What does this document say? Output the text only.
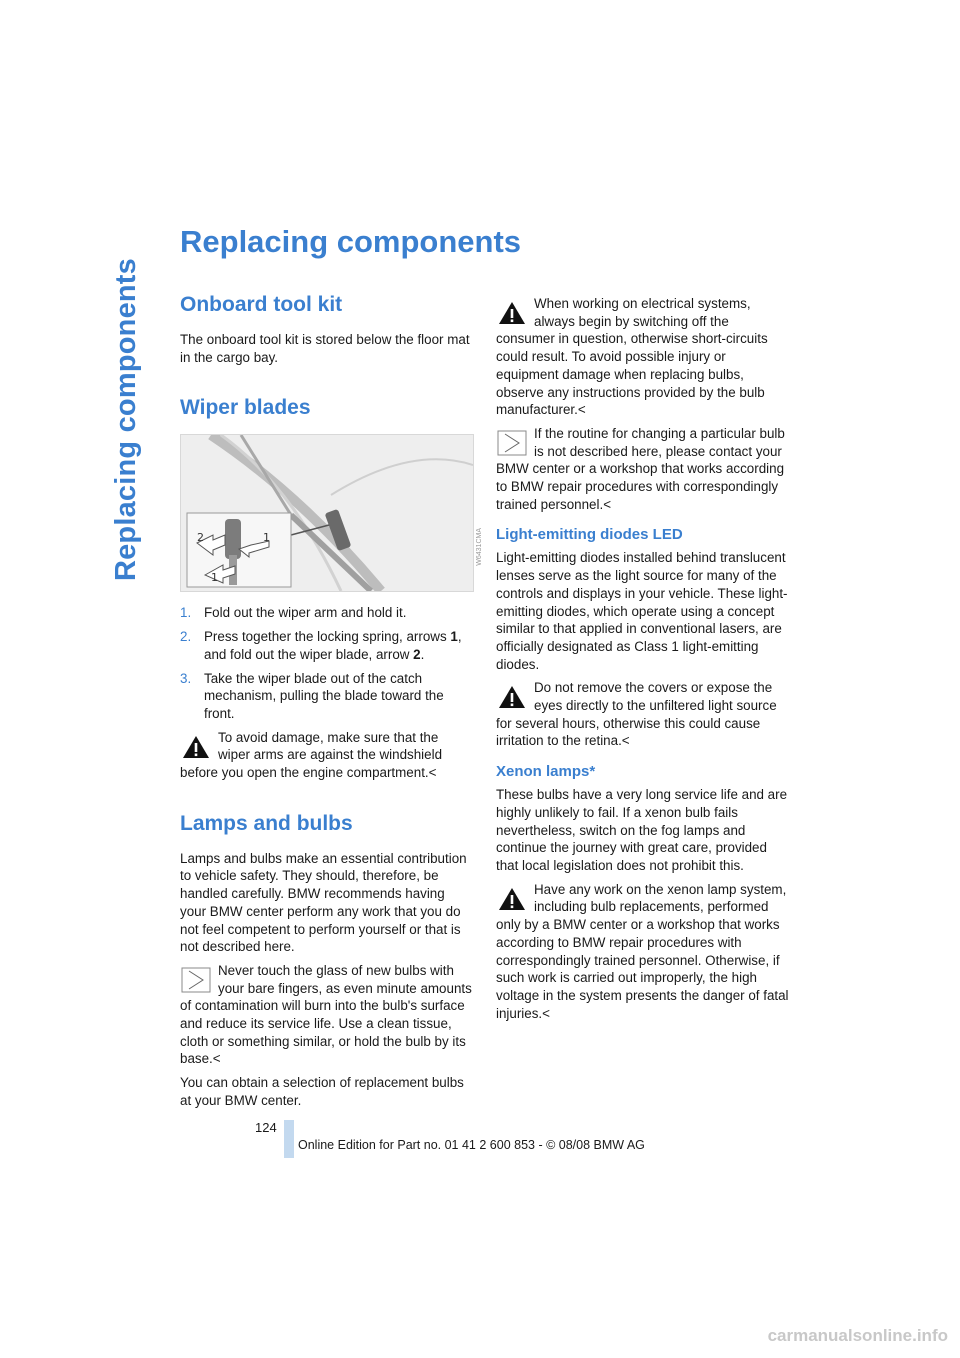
Replacing components
Replacing components
Onboard tool kit

The onboard tool kit is stored below the floor mat in the cargo bay.

Wiper blades
2	1
1
1. Fold out the wiper arm and hold it.
2. Press together the locking spring, arrows 1, and fold out the wiper blade, arrow 2.
3. Take the wiper blade out of the catch mechanism, pulling the blade toward the front.

To avoid damage, make sure that the wiper arms are against the windshield before you open the engine compartment.<

Lamps and bulbs

Lamps and bulbs make an essential contribution to vehicle safety. They should, therefore, be handled carefully. BMW recommends having your BMW center perform any work that you do not feel competent to perform yourself or that is not described here.

Never touch the glass of new bulbs with your bare fingers, as even minute amounts of contamination will burn into the bulb's surface and reduce its service life. Use a clean tissue, cloth or something similar, or hold the bulb by its base.<

You can obtain a selection of replacement bulbs at your BMW center.

When working on electrical systems, always begin by switching off the consumer in question, otherwise short-circuits could result. To avoid possible injury or equipment damage when replacing bulbs, observe any instructions provided by the bulb manufacturer.<

If the routine for changing a particular bulb is not described here, please contact your BMW center or a workshop that works according to BMW repair procedures with correspondingly trained personnel.<

Light-emitting diodes LED

Light-emitting diodes installed behind translucent lenses serve as the light source for many of the controls and displays in your vehicle. These light-emitting diodes, which operate using a concept similar to that applied in conventional lasers, are officially designated as Class 1 light-emitting diodes.

Do not remove the covers or expose the eyes directly to the unfiltered light source for several hours, otherwise this could cause irritation to the retina.<

Xenon lamps*

These bulbs have a very long service life and are highly unlikely to fail. If a xenon bulb fails nevertheless, switch on the fog lamps and continue the journey with great care, provided that local legislation does not prohibit this.

Have any work on the xenon lamp system, including bulb replacements, performed only by a BMW center or a workshop that works according to BMW repair procedures with correspondingly trained personnel. Otherwise, if such work is carried out improperly, the high voltage in the system presents the danger of fatal injuries.<

W6431CMA
124
Online Edition for Part no. 01 41 2 600 853 - © 08/08 BMW AG
carmanualsonline.info
